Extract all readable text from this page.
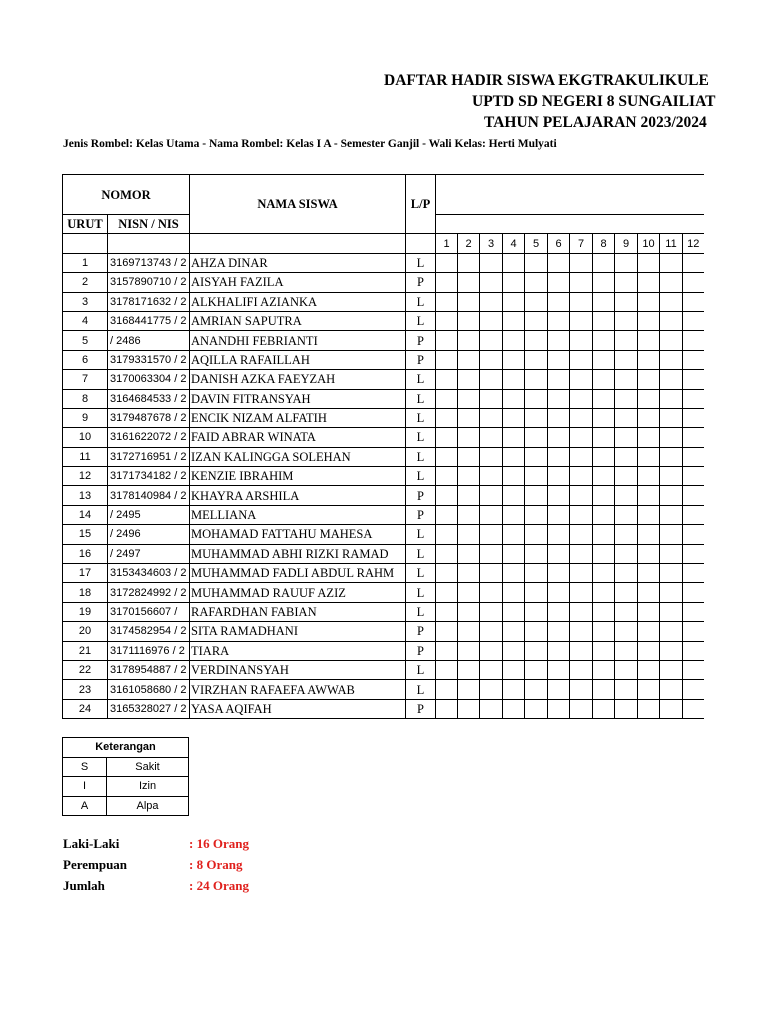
DAFTAR HADIR SISWA EKGTRAKULIKULE
UPTD SD NEGERI 8 SUNGAILIAT
TAHUN PELAJARAN 2023/2024
Jenis Rombel: Kelas Utama - Nama Rombel: Kelas I A - Semester Ganjil - Wali Kelas: Herti Mulyati
NOMOR		NAMA SISWA	L/P												
URUT	NISN / NIS														
				1	2	3	4	5	6	7	8	9	10	11	12
1	3169713743 / 2	AHZA DINAR	L												
2	3157890710 / 2	AISYAH FAZILA	P												
3	3178171632 / 2	ALKHALIFI AZIANKA	L												
4	3168441775 / 2	AMRIAN SAPUTRA	L												
5	/ 2486	ANANDHI FEBRIANTI	P												
6	3179331570 / 2	AQILLA RAFAILLAH	P												
7	3170063304 / 2	DANISH AZKA FAEYZAH	L												
8	3164684533 / 2	DAVIN FITRANSYAH	L												
9	3179487678 / 2	ENCIK NIZAM ALFATIH	L												
10	3161622072 / 2	FAID ABRAR WINATA	L												
11	3172716951 / 2	IZAN KALINGGA SOLEHAN	L												
12	3171734182 / 2	KENZIE IBRAHIM	L												
13	3178140984 / 2	KHAYRA ARSHILA	P												
14	/ 2495	MELLIANA	P												
15	/ 2496	MOHAMAD FATTAHU MAHESA	L												
16	/ 2497	MUHAMMAD ABHI RIZKI RAMAD	L												
17	3153434603 / 2	MUHAMMAD FADLI ABDUL RAHM	L												
18	3172824992 / 2	MUHAMMAD RAUUF AZIZ	L												
19	3170156607 /	RAFARDHAN FABIAN	L												
20	3174582954 / 2	SITA RAMADHANI	P												
21	3171116976 / 2	TIARA	P												
22	3178954887 / 2	VERDINANSYAH	L												
23	3161058680 / 2	VIRZHAN RAFAEFA AWWAB	L												
24	3165328027 / 2	YASA AQIFAH	P												
Keterangan	
S	Sakit
I	Izin
A	Alpa
Laki-Laki	: 16 Orang
Perempuan	: 8 Orang
Jumlah	: 24 Orang
